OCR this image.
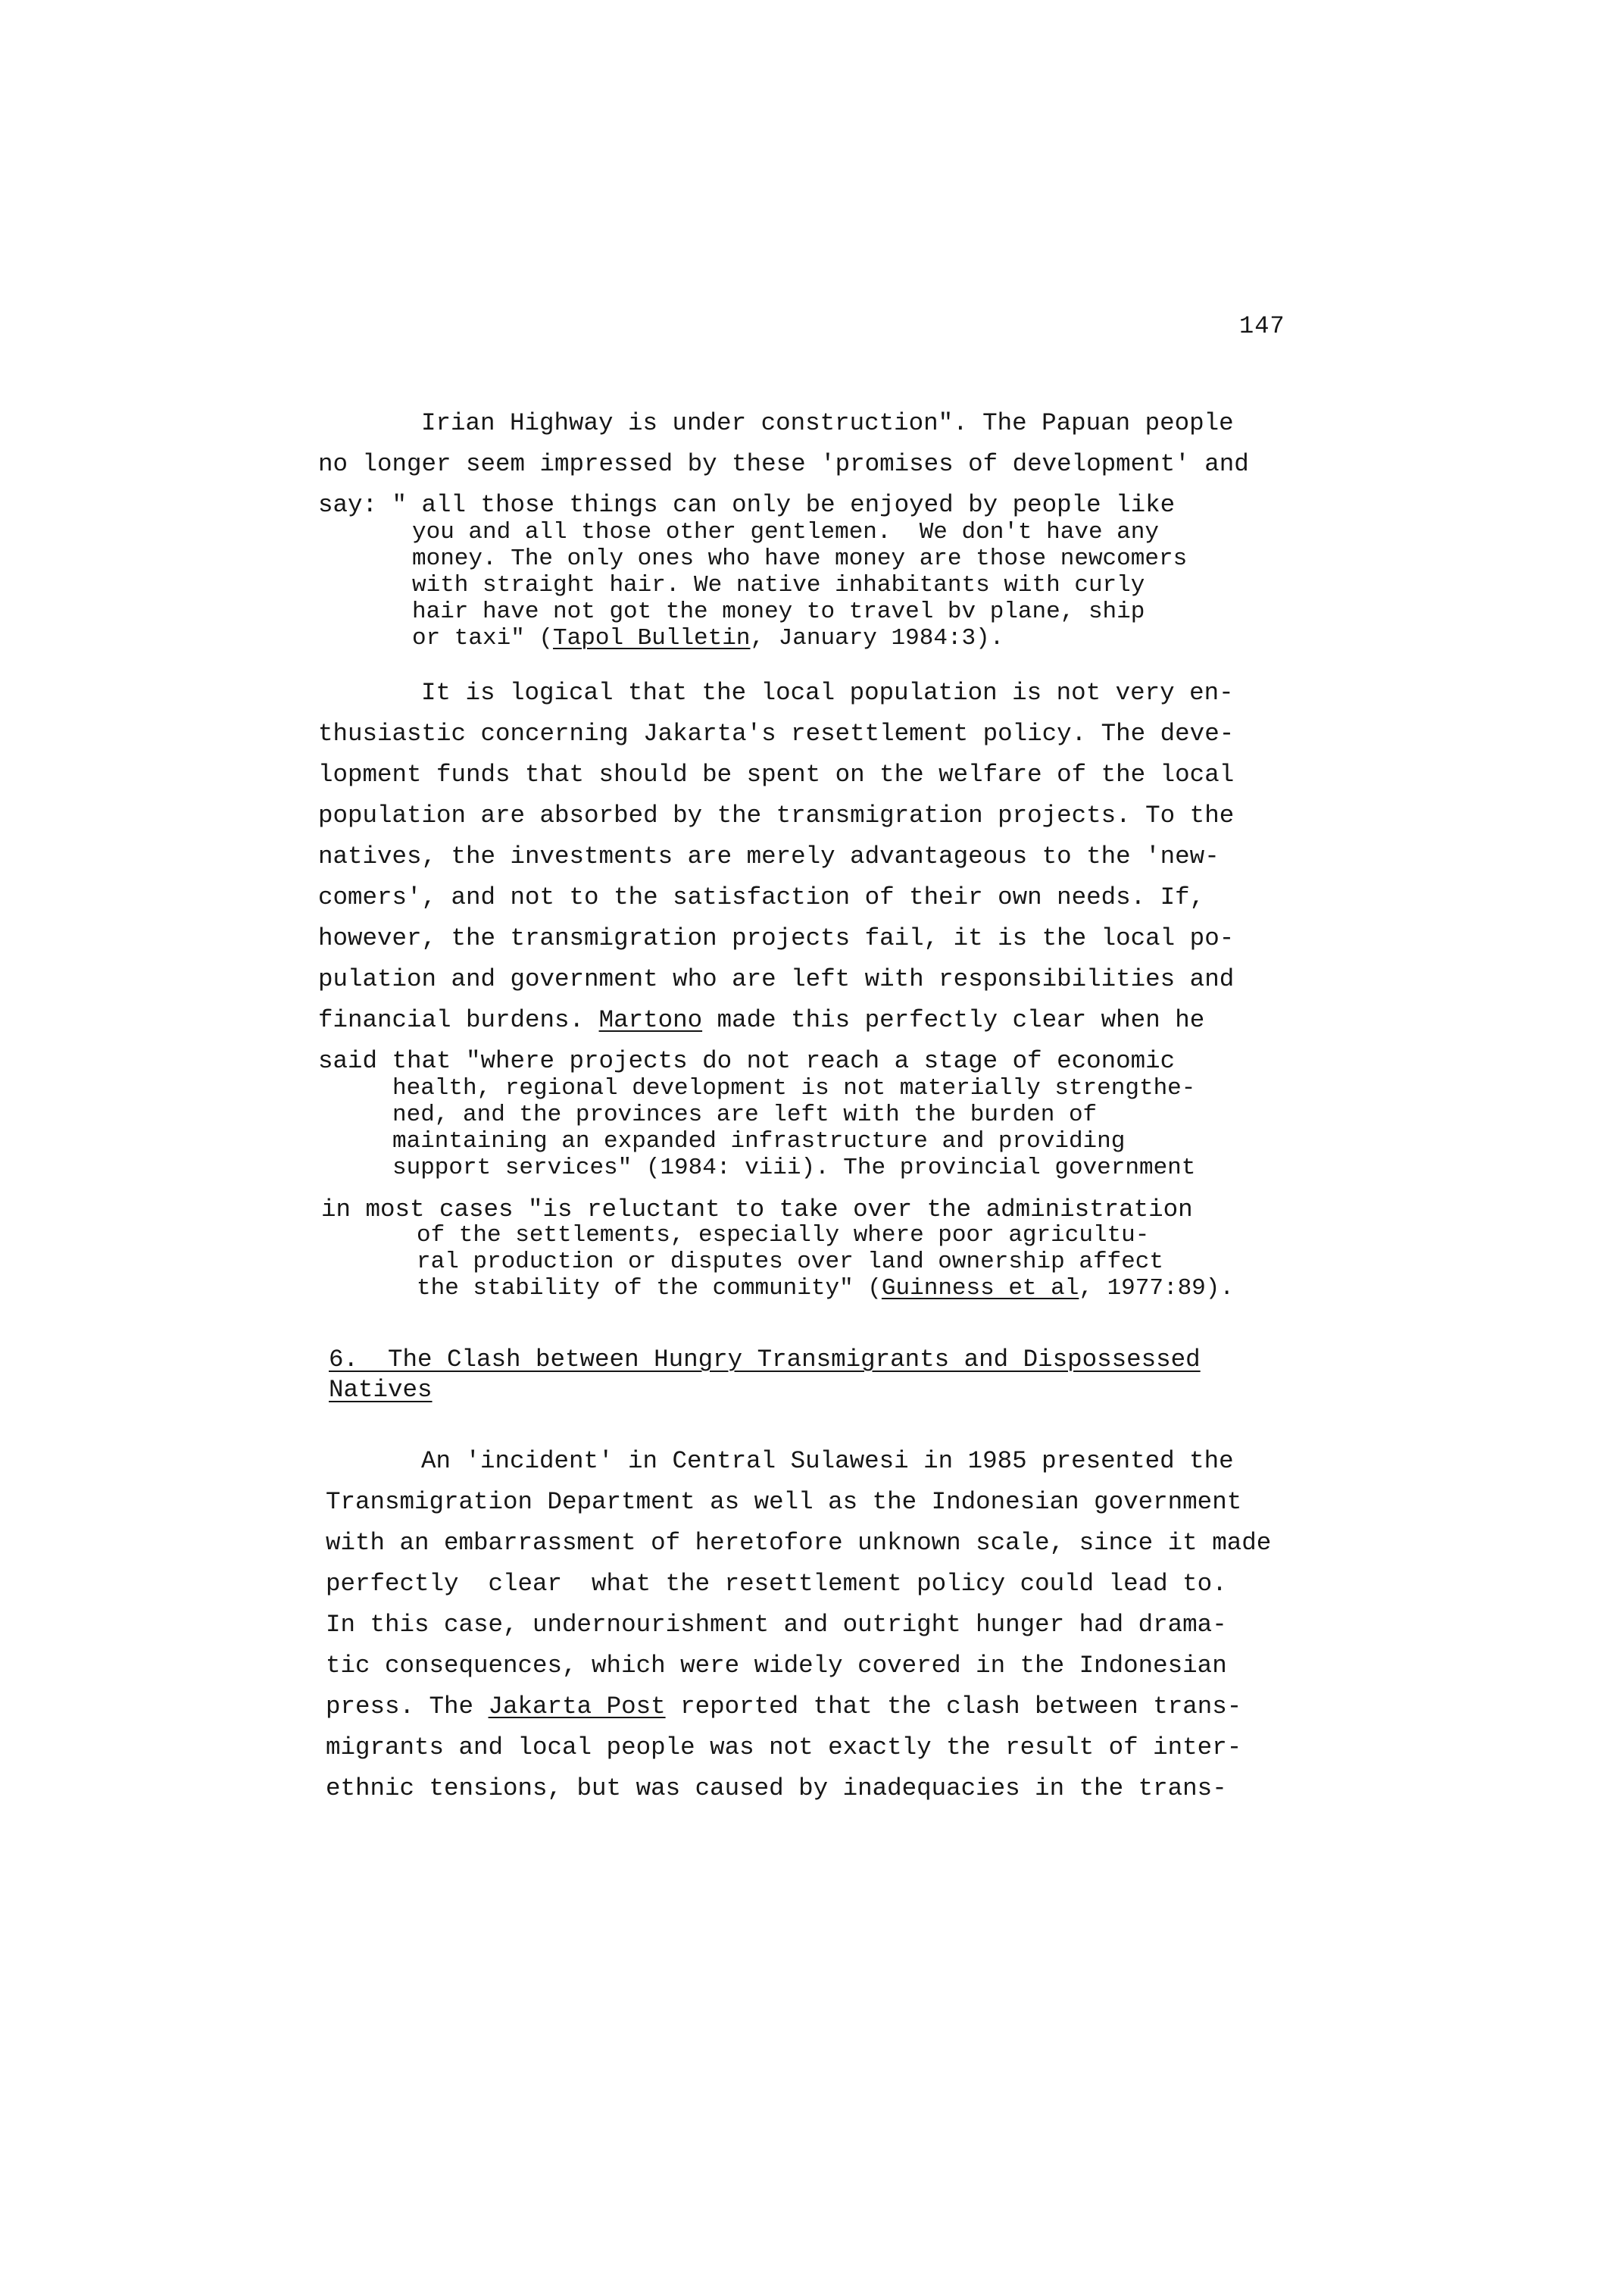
147
Irian Highway is under construction". The Papuan people
no longer seem impressed by these 'promises of development' and
say: " all those things can only be enjoyed by people like
you and all those other gentlemen.  We don't have any
money. The only ones who have money are those newcomers
with straight hair. We native inhabitants with curly
hair have not got the money to travel bv plane, ship
or taxi" (Tapol Bulletin, January 1984:3).
It is logical that the local population is not very en-
thusiastic concerning Jakarta's resettlement policy. The deve-
lopment funds that should be spent on the welfare of the local
population are absorbed by the transmigration projects. To the
natives, the investments are merely advantageous to the 'new-
comers', and not to the satisfaction of their own needs. If,
however, the transmigration projects fail, it is the local po-
pulation and government who are left with responsibilities and
financial burdens. Martono made this perfectly clear when he
said that "where projects do not reach a stage of economic
health, regional development is not materially strengthe-
ned, and the provinces are left with the burden of
maintaining an expanded infrastructure and providing
support services" (1984: viii). The provincial government
in most cases "is reluctant to take over the administration
of the settlements, especially where poor agricultu-
ral production or disputes over land ownership affect
the stability of the community" (Guinness et al, 1977:89).
6.  The Clash between Hungry Transmigrants and Dispossessed
Natives
An 'incident' in Central Sulawesi in 1985 presented the
Transmigration Department as well as the Indonesian government
with an embarrassment of heretofore unknown scale, since it made
perfectly  clear  what the resettlement policy could lead to.
In this case, undernourishment and outright hunger had drama-
tic consequences, which were widely covered in the Indonesian
press. The Jakarta Post reported that the clash between trans-
migrants and local people was not exactly the result of inter-
ethnic tensions, but was caused by inadequacies in the trans-
